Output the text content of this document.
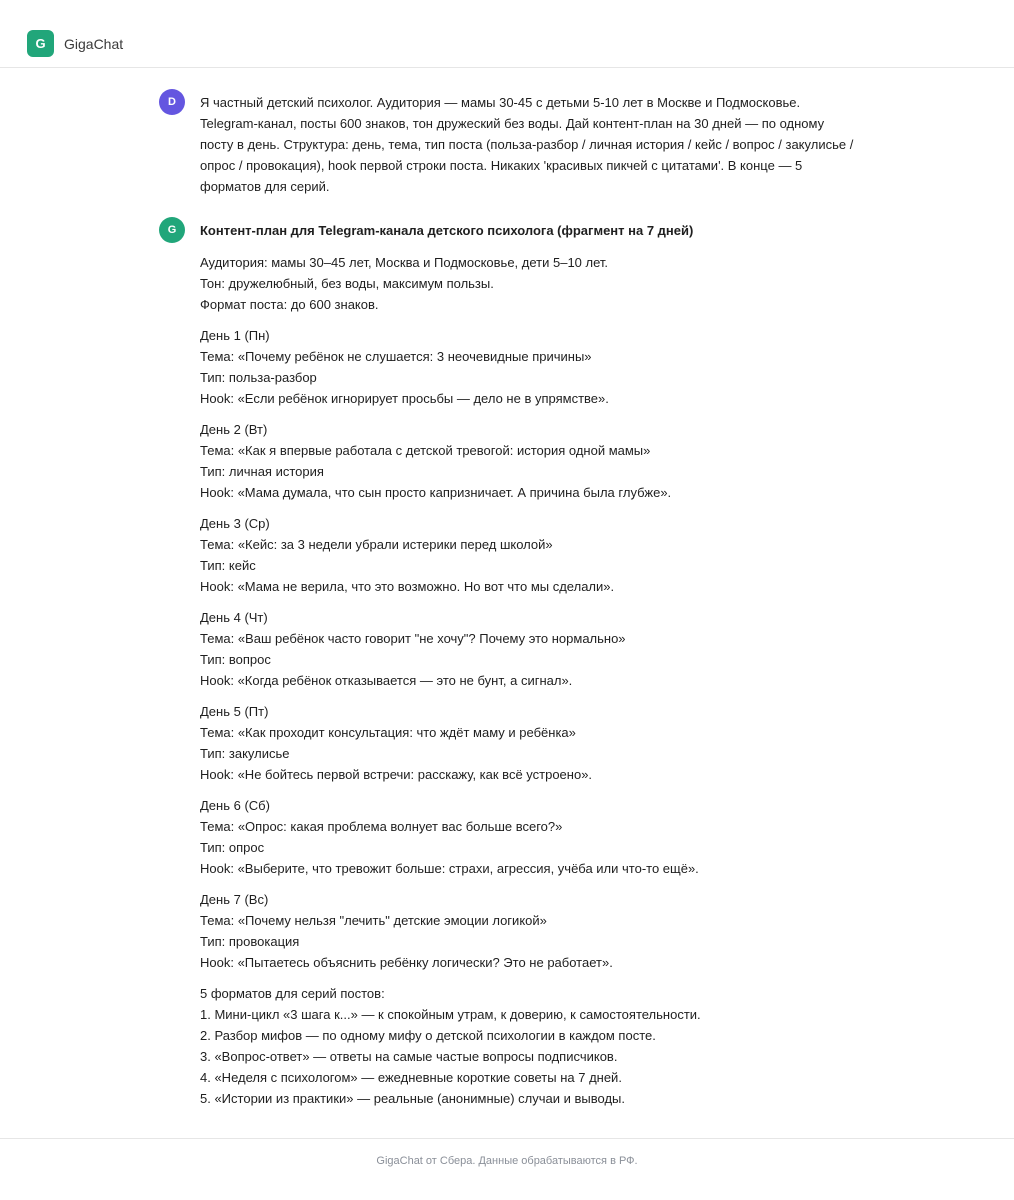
G	GigaChat
D	Я частный детский психолог. Аудитория — мамы 30-45 с детьми 5-10 лет в Москве и Подмосковье. Telegram-канал, посты 600 знаков, тон дружеский без воды. Дай контент-план на 30 дней — по одному посту в день. Структура: день, тема, тип поста (польза-разбор / личная история / кейс / вопрос / закулисье / опрос / провокация), hook первой строки поста. Никаких 'красивых пикчей с цитатами'. В конце — 5 форматов для серий.
G	Контент-план для Telegram-канала детского психолога (фрагмент на 7 дней)
Аудитория: мамы 30–45 лет, Москва и Подмосковье, дети 5–10 лет.
Тон: дружелюбный, без воды, максимум пользы.
Формат поста: до 600 знаков.
День 1 (Пн)
Тема: «Почему ребёнок не слушается: 3 неочевидные причины»
Тип: польза-разбор
Hook: «Если ребёнок игнорирует просьбы — дело не в упрямстве».
День 2 (Вт)
Тема: «Как я впервые работала с детской тревогой: история одной мамы»
Тип: личная история
Hook: «Мама думала, что сын просто капризничает. А причина была глубже».
День 3 (Ср)
Тема: «Кейс: за 3 недели убрали истерики перед школой»
Тип: кейс
Hook: «Мама не верила, что это возможно. Но вот что мы сделали».
День 4 (Чт)
Тема: «Ваш ребёнок часто говорит "не хочу"? Почему это нормально»
Тип: вопрос
Hook: «Когда ребёнок отказывается — это не бунт, а сигнал».
День 5 (Пт)
Тема: «Как проходит консультация: что ждёт маму и ребёнка»
Тип: закулисье
Hook: «Не бойтесь первой встречи: расскажу, как всё устроено».
День 6 (Сб)
Тема: «Опрос: какая проблема волнует вас больше всего?»
Тип: опрос
Hook: «Выберите, что тревожит больше: страхи, агрессия, учёба или что-то ещё».
День 7 (Вс)
Тема: «Почему нельзя "лечить" детские эмоции логикой»
Тип: провокация
Hook: «Пытаетесь объяснить ребёнку логически? Это не работает».
5 форматов для серий постов:
1. Мини-цикл «3 шага к...» — к спокойным утрам, к доверию, к самостоятельности.
2. Разбор мифов — по одному мифу о детской психологии в каждом посте.
3. «Вопрос-ответ» — ответы на самые частые вопросы подписчиков.
4. «Неделя с психологом» — ежедневные короткие советы на 7 дней.
5. «Истории из практики» — реальные (анонимные) случаи и выводы.
GigaChat от Сбера. Данные обрабатываются в РФ.
